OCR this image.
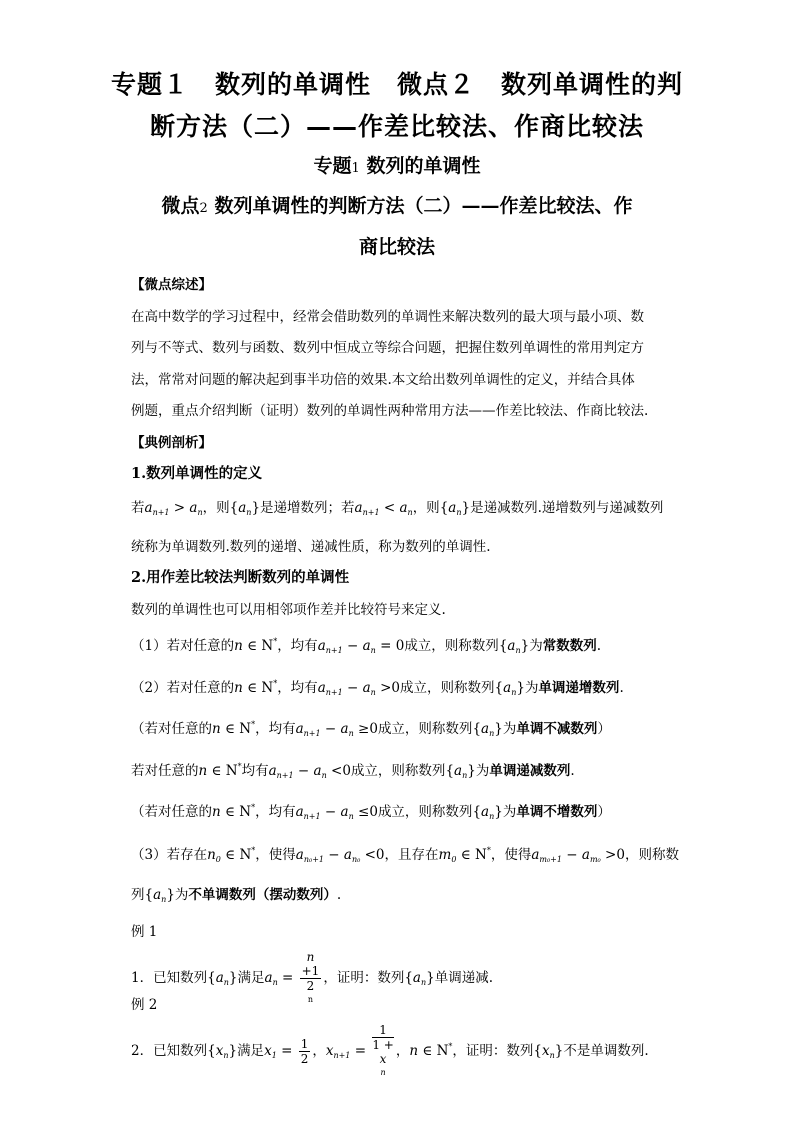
专题１　数列的单调性　微点２　数列单调性的判
断方法（二）——作差比较法、作商比较法
专题1 数列的单调性
微点2 数列单调性的判断方法（二）——作差比较法、作
商比较法
【微点综述】
在高中数学的学习过程中，经常会借助数列的单调性来解决数列的最大项与最小项、数
列与不等式、数列与函数、数列中恒成立等综合问题，把握住数列单调性的常用判定方
法，常常对问题的解决起到事半功倍的效果.本文给出数列单调性的定义，并结合具体
例题，重点介绍判断（证明）数列的单调性两种常用方法——作差比较法、作商比较法.
【典例剖析】
1.数列单调性的定义
若$a_{n+1} > a_n$，则$\{a_n\}$是递增数列；若$a_{n+1} < a_n$，则$\{a_n\}$是递减数列.递增数列与递减数列
统称为单调数列.数列的递增、递减性质，称为数列的单调性.
2.用作差比较法判断数列的单调性
数列的单调性也可以用相邻项作差并比较符号来定义.
（1）若对任意的n ∈ N*，均有$a_{n+1} - a_n = 0$成立，则称数列$\{a_n\}$为常数数列.
（2）若对任意的n ∈ N*，均有$a_{n+1} - a_n >0$成立，则称数列$\{a_n\}$为单调递增数列.
（若对任意的n ∈ N*，均有$a_{n+1} - a_n \ge 0$成立，则称数列$\{a_n\}$为单调不减数列）
若对任意的n ∈ N*均有$a_{n+1} - a_n <0$成立，则称数列$\{a_n\}$为单调递减数列.
（若对任意的n ∈ N*，均有$a_{n+1} - a_n \le 0$成立，则称数列$\{a_n\}$为单调不增数列）
（3）若存在$n_0$ ∈ N*，使得$a_{n_0+1} - a_{n_0} <0$，且存在$m_0$ ∈ N*，使得$a_{m_0+1} - a_{m_0} >0$，则称数
列$\{a_n\}$为不单调数列（摆动数列）.
例 1
1．已知数列$\{a_n\}$满足$a_n = n$
+1
2
n ，证明：数列$\{a_n\}$单调递减.
例 2
2．已知数列$\{x_n\}$满足$x_1 = \frac{1}{2}$ ，$x_{n+1} = 1$
1 +
x
n ，n ∈ N*，证明：数列$\{x_n\}$不是单调数列.
